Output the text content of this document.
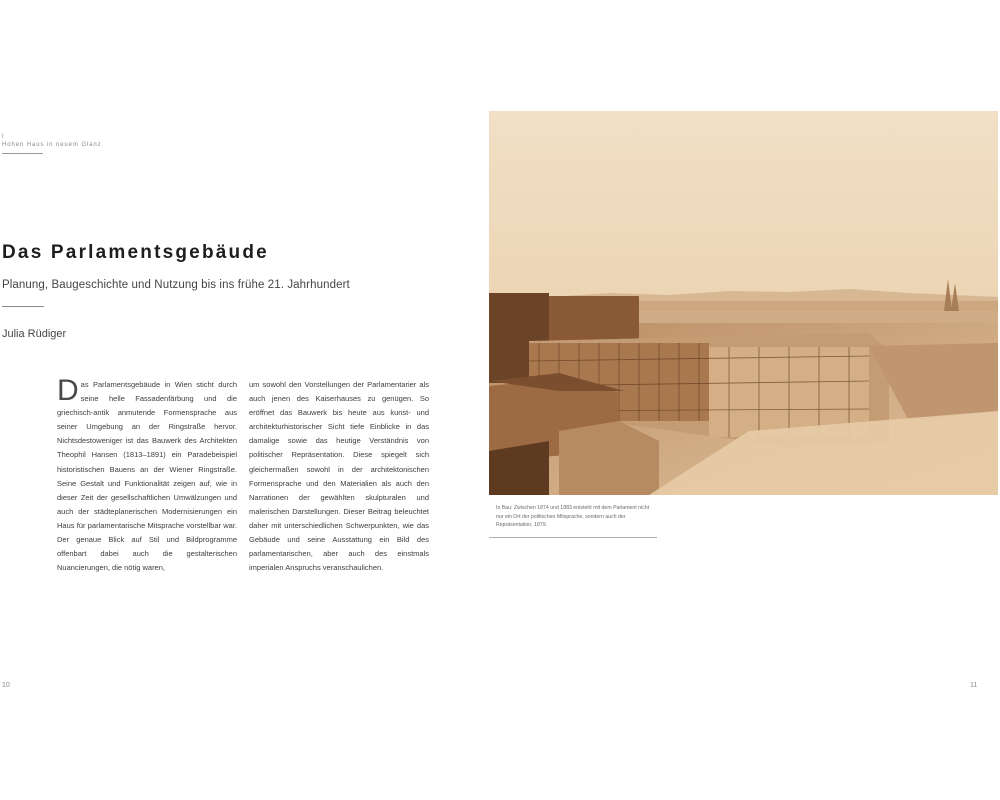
I
Hohen Haus in neuem Glanz
Das Parlamentsgebäude

Planung, Baugeschichte und Nutzung bis ins frühe 21. Jahrhundert

Julia Rüdiger

Das Parlamentsgebäude in Wien sticht durch seine helle Fassadenfärbung und die griechisch-antik anmutende Formensprache aus seiner Umgebung an der Ringstraße hervor. Nichtsdestoweniger ist das Bauwerk des Architekten Theophil Hansen (1813–1891) ein Paradebeispiel historistischen Bauens an der Wiener Ringstraße. Seine Gestalt und Funktionalität zeigen auf, wie in dieser Zeit der gesellschaftlichen Umwälzungen und auch der städteplanerischen Modernisierungen ein Haus für parlamentarische Mitsprache vorstellbar war. Der genaue Blick auf Stil und Bildprogramme offenbart dabei auch die gestalterischen Nuancierungen, die nötig waren,

um sowohl den Vorstellungen der Parlamentarier als auch jenen des Kaiserhauses zu genügen. So eröffnet das Bauwerk bis heute aus kunst- und architekturhistorischer Sicht tiefe Einblicke in das damalige sowie das heutige Verständnis von politischer Repräsentation. Diese spiegelt sich gleichermaßen sowohl in der architektonischen Formensprache und den Materialien als auch den Narrationen der gewählten skulpturalen und malerischen Darstellungen. Dieser Beitrag beleuchtet daher mit unterschiedlichen Schwerpunkten, wie das Gebäude und seine Ausstattung ein Bild des parlamentarischen, aber auch des einstmals imperialen Anspruchs veranschaulichen.

In Bau: Zwischen 1874 und 1883 entsteht mit dem Parlament nicht nur ein Ort der politischen Mitsprache, sondern auch der Repräsentation, 1879.

10	11
